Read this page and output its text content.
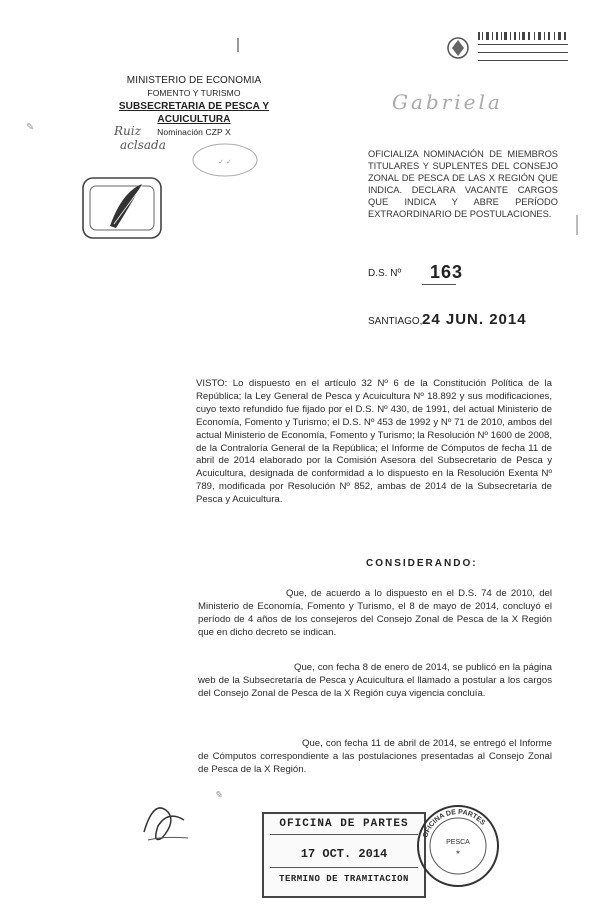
MINISTERIO DE ECONOMIA
FOMENTO Y TURISMO
SUBSECRETARIA DE PESCA Y ACUICULTURA
Nominación CZP X
Ruiz
aclsada
✎
✓ ✓
Gabriela
OFICIALIZA NOMINACIÓN DE MIEMBROS TITULARES Y SUPLENTES DEL CONSEJO ZONAL DE PESCA DE LAS X REGIÓN QUE INDICA. DECLARA VACANTE CARGOS QUE INDICA Y ABRE PERÍODO EXTRAORDINARIO DE POSTULACIONES.
D.S. Nº 163
SANTIAGO, 24 JUN. 2014
VISTO: Lo dispuesto en el artículo 32 Nº 6 de la Constitución Política de la República; la Ley General de Pesca y Acuicultura Nº 18.892 y sus modificaciones, cuyo texto refundido fue fijado por el D.S. Nº 430, de 1991, del actual Ministerio de Economía, Fomento y Turismo; el D.S. Nº 453 de 1992 y Nº 71 de 2010, ambos del actual Ministerio de Economía, Fomento y Turismo; la Resolución Nº 1600 de 2008, de la Contraloría General de la República; el Informe de Cómputos de fecha 11 de abril de 2014 elaborado por la Comisión Asesora del Subsecretario de Pesca y Acuicultura, designada de conformidad a lo dispuesto en la Resolución Exenta Nº 789, modificada por Resolución Nº 852, ambas de 2014 de la Subsecretaría de Pesca y Acuicultura.
CONSIDERANDO:
Que, de acuerdo a lo dispuesto en el D.S. 74 de 2010, del Ministerio de Economía, Fomento y Turismo, el 8 de mayo de 2014, concluyó el período de 4 años de los consejeros del Consejo Zonal de Pesca de la X Región que en dicho decreto se indican.
Que, con fecha 8 de enero de 2014, se publicó en la página web de la Subsecretaría de Pesca y Acuicultura el llamado a postular a los cargos del Consejo Zonal de Pesca de la X Región cuya vigencia concluía.
Que, con fecha 11 de abril de 2014, se entregó el Informe de Cómputos correspondiente a las postulaciones presentadas al Consejo Zonal de Pesca de la X Región.
✎
OFICINA DE PARTES
17 OCT. 2014
TERMINO DE TRAMITACION
OFICINA DE PARTES
PESCA
★
